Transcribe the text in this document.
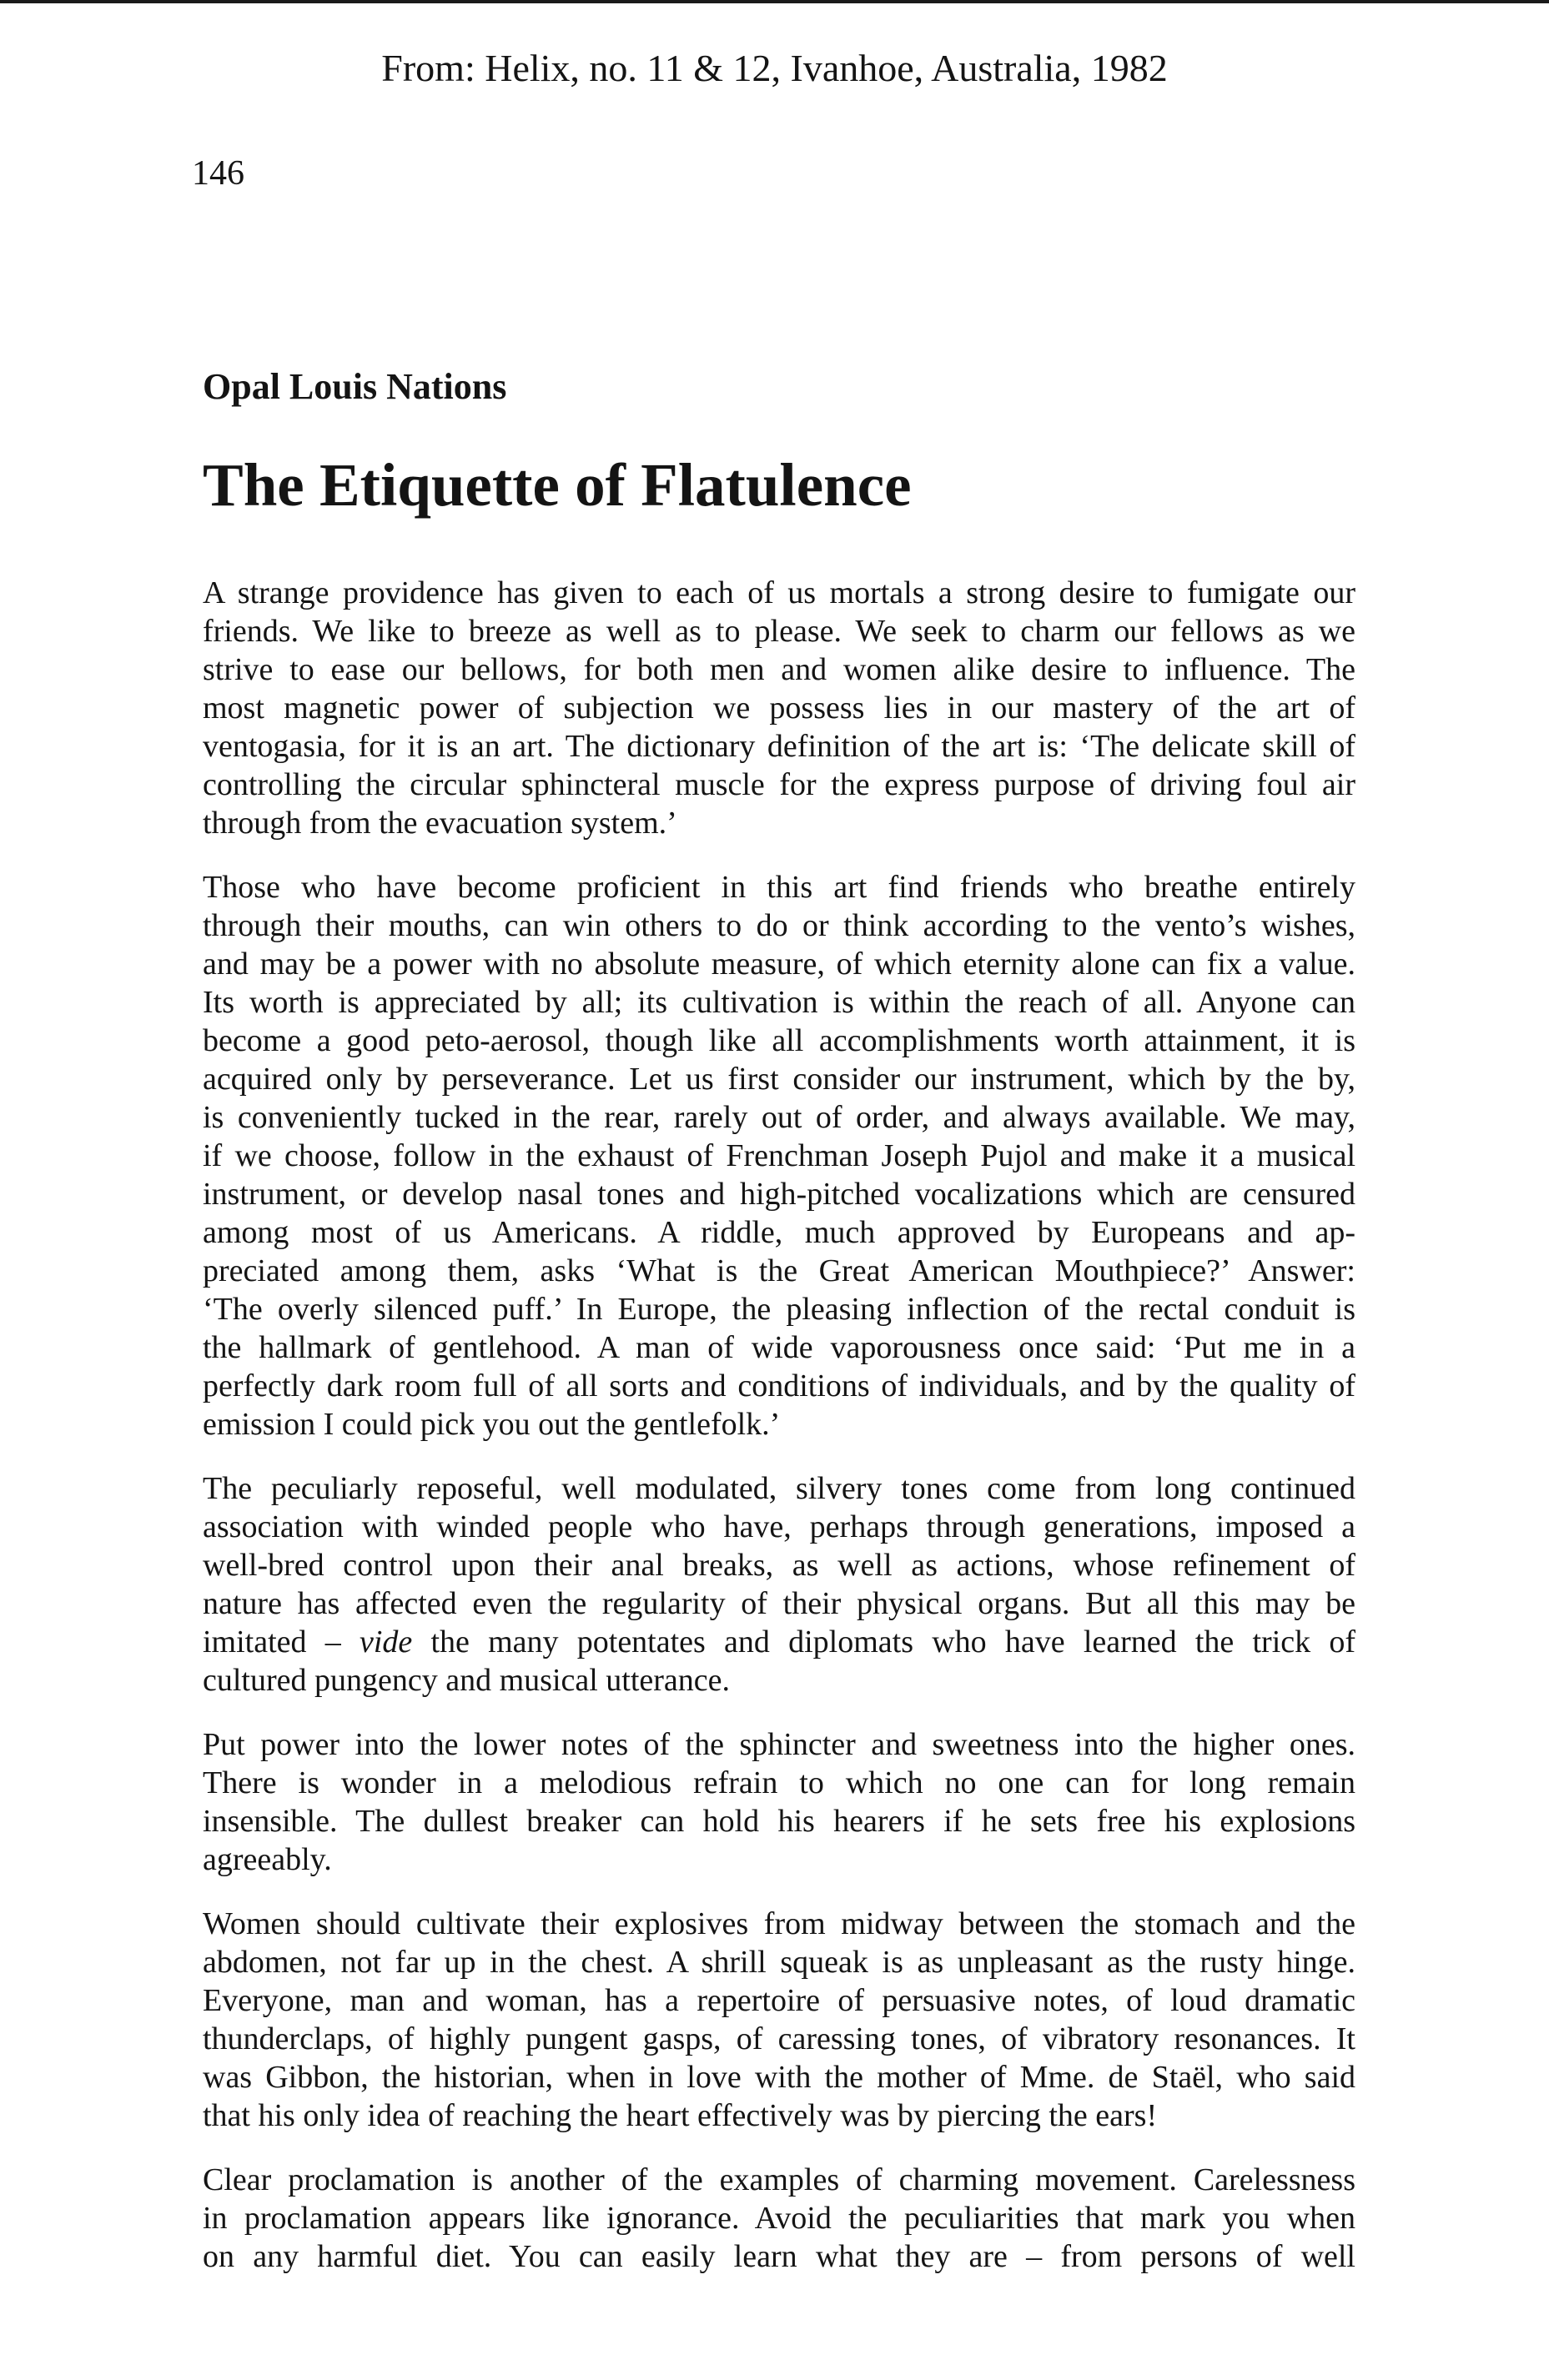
From: Helix, no. 11 & 12, Ivanhoe, Australia, 1982
146
Opal Louis Nations
The Etiquette of Flatulence
A strange providence has given to each of us mortals a strong desire to fumigate our
friends. We like to breeze as well as to please. We seek to charm our fellows as we
strive to ease our bellows, for both men and women alike desire to influence. The
most magnetic power of subjection we possess lies in our mastery of the art of
ventogasia, for it is an art. The dictionary definition of the art is: ‘The delicate skill of
controlling the circular sphincteral muscle for the express purpose of driving foul air
through from the evacuation system.’
Those who have become proficient in this art find friends who breathe entirely
through their mouths, can win others to do or think according to the vento’s wishes,
and may be a power with no absolute measure, of which eternity alone can fix a value.
Its worth is appreciated by all; its cultivation is within the reach of all. Anyone can
become a good peto-aerosol, though like all accomplishments worth attainment, it is
acquired only by perseverance. Let us first consider our instrument, which by the by,
is conveniently tucked in the rear, rarely out of order, and always available. We may,
if we choose, follow in the exhaust of Frenchman Joseph Pujol and make it a musical
instrument, or develop nasal tones and high-pitched vocalizations which are censured
among most of us Americans. A riddle, much approved by Europeans and ap-
preciated among them, asks ‘What is the Great American Mouthpiece?’ Answer:
‘The overly silenced puff.’ In Europe, the pleasing inflection of the rectal conduit is
the hallmark of gentlehood. A man of wide vaporousness once said: ‘Put me in a
perfectly dark room full of all sorts and conditions of individuals, and by the quality of
emission I could pick you out the gentlefolk.’
The peculiarly reposeful, well modulated, silvery tones come from long continued
association with winded people who have, perhaps through generations, imposed a
well-bred control upon their anal breaks, as well as actions, whose refinement of
nature has affected even the regularity of their physical organs. But all this may be
imitated – vide the many potentates and diplomats who have learned the trick of
cultured pungency and musical utterance.
Put power into the lower notes of the sphincter and sweetness into the higher ones.
There is wonder in a melodious refrain to which no one can for long remain
insensible. The dullest breaker can hold his hearers if he sets free his explosions
agreeably.
Women should cultivate their explosives from midway between the stomach and the
abdomen, not far up in the chest. A shrill squeak is as unpleasant as the rusty hinge.
Everyone, man and woman, has a repertoire of persuasive notes, of loud dramatic
thunderclaps, of highly pungent gasps, of caressing tones, of vibratory resonances. It
was Gibbon, the historian, when in love with the mother of Mme. de Staël, who said
that his only idea of reaching the heart effectively was by piercing the ears!
Clear proclamation is another of the examples of charming movement. Carelessness
in proclamation appears like ignorance. Avoid the peculiarities that mark you when
on any harmful diet. You can easily learn what they are – from persons of well
